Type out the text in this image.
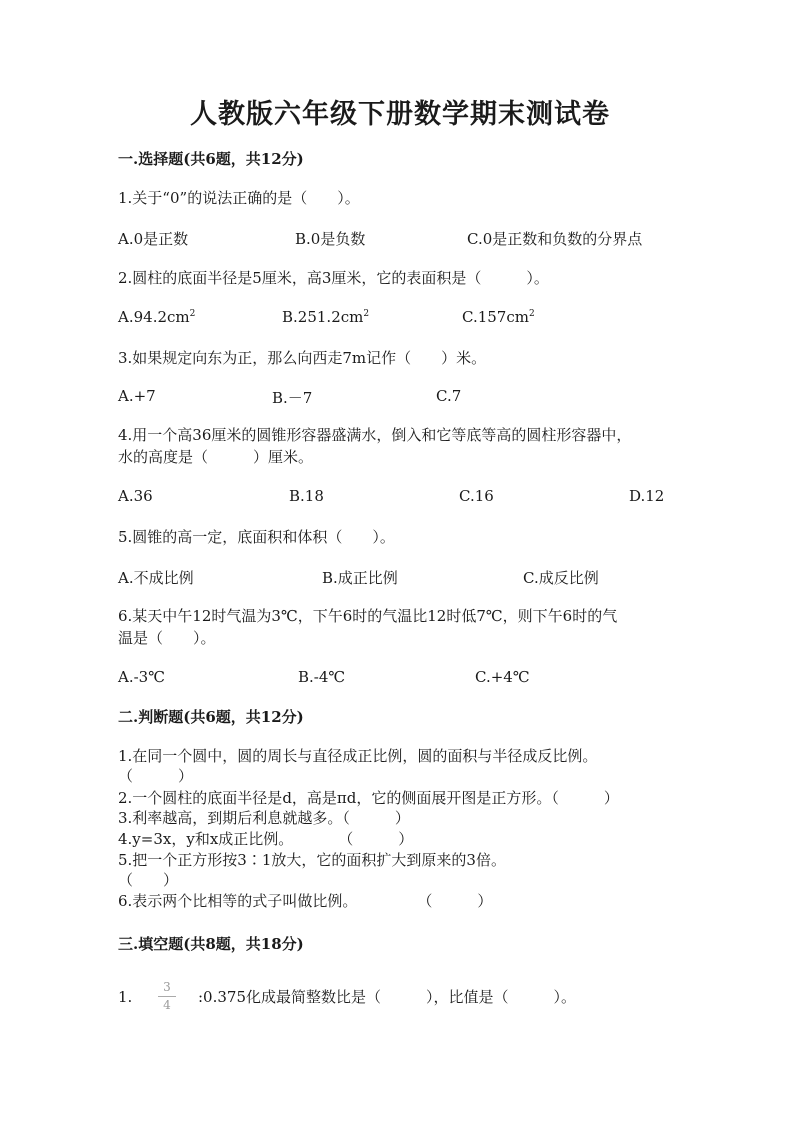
人教版六年级下册数学期末测试卷
一.选择题(共6题，共12分)
1.关于“0”的说法正确的是（　　）。
A.0是正数	B.0是负数	C.0是正数和负数的分界点
2.圆柱的底面半径是5厘米，高3厘米，它的表面积是（　　　）。
$A.94.2cm^2$	$B.251.2cm^2$	$C.157cm^2$
3.如果规定向东为正，那么向西走7m记作（　　）米。
A.+7	B.－7	C.7
4.用一个高36厘米的圆锥形容器盛满水，倒入和它等底等高的圆柱形容器中，
水的高度是（　　　）厘米。
A.36	B.18	C.16	D.12
5.圆锥的高一定，底面积和体积（　　）。
A.不成比例	B.成正比例	C.成反比例
6.某天中午12时气温为3℃，下午6时的气温比12时低7℃，则下午6时的气
温是（　　）。
A.-3℃	B.-4℃	C.+4℃
二.判断题(共6题，共12分)
1.在同一个圆中，圆的周长与直径成正比例，圆的面积与半径成反比例。
（　　　）
2.一个圆柱的底面半径是d，高是πd，它的侧面展开图是正方形。（　　　）
3.利率越高，到期后利息就越多。（　　　）
4.y=3x，y和x成正比例。　　　　（　　　）
5.把一个正方形按3∶1放大，它的面积扩大到原来的3倍。
（　　）
6.表示两个比相等的式子叫做比例。　　　　　（　　　）
三.填空题(共8题，共18分)
1.
3
4	:0.375化成最简整数比是（　　　），比值是（　　　）。
